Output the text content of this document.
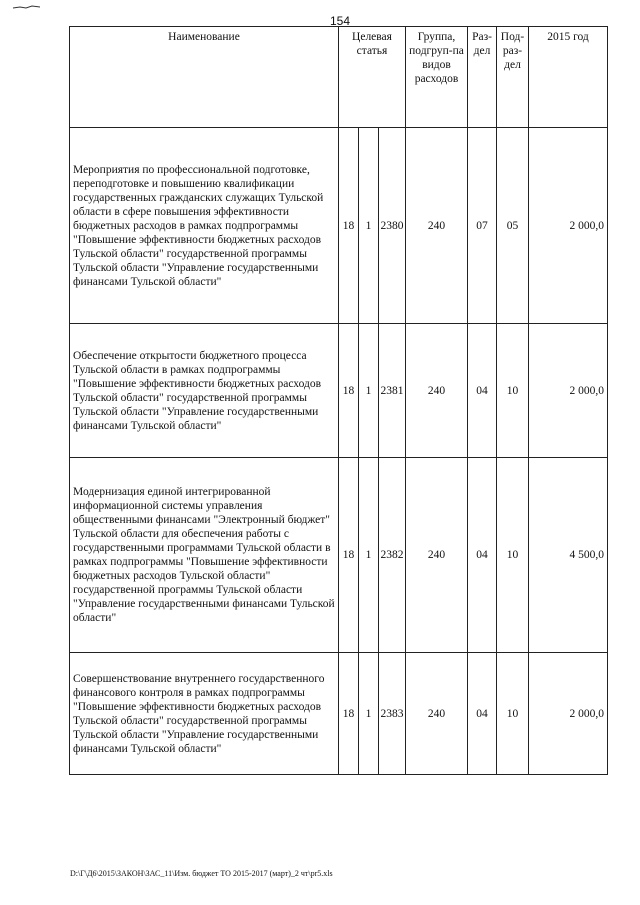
154
Наименование	Целевая статья			Группа, подгруп-па видов расходов	Раз-дел	Под-раз-дел	2015 год
Мероприятия по профессиональной подготовке, переподготовке и повышению квалификации государственных гражданских служащих Тульской области в сфере повышения эффективности бюджетных расходов в рамках подпрограммы "Повышение эффективности бюджетных расходов Тульской области" государственной программы Тульской области "Управление государственными финансами Тульской области"	18	1	2380	240	07	05	2 000,0
Обеспечение открытости бюджетного процесса Тульской области в рамках подпрограммы "Повышение эффективности бюджетных расходов Тульской области" государственной программы Тульской области "Управление государственными финансами Тульской области"	18	1	2381	240	04	10	2 000,0
Модернизация единой интегрированной информационной системы управления общественными финансами "Электронный бюджет" Тульской области для обеспечения работы с государственными программами Тульской области в рамках подпрограммы "Повышение эффективности бюджетных расходов Тульской области" государственной программы Тульской области "Управление государственными финансами Тульской области"	18	1	2382	240	04	10	4 500,0
Совершенствование внутреннего государственного финансового контроля в рамках подпрограммы "Повышение эффективности бюджетных расходов Тульской области" государственной программы Тульской области "Управление государственными финансами Тульской области"	18	1	2383	240	04	10	2 000,0
D:\Г\Д6\2015\ЗАКОН\ЗАС_11\Изм. бюджет ТО 2015-2017 (март)_2 чт\pr5.xls
